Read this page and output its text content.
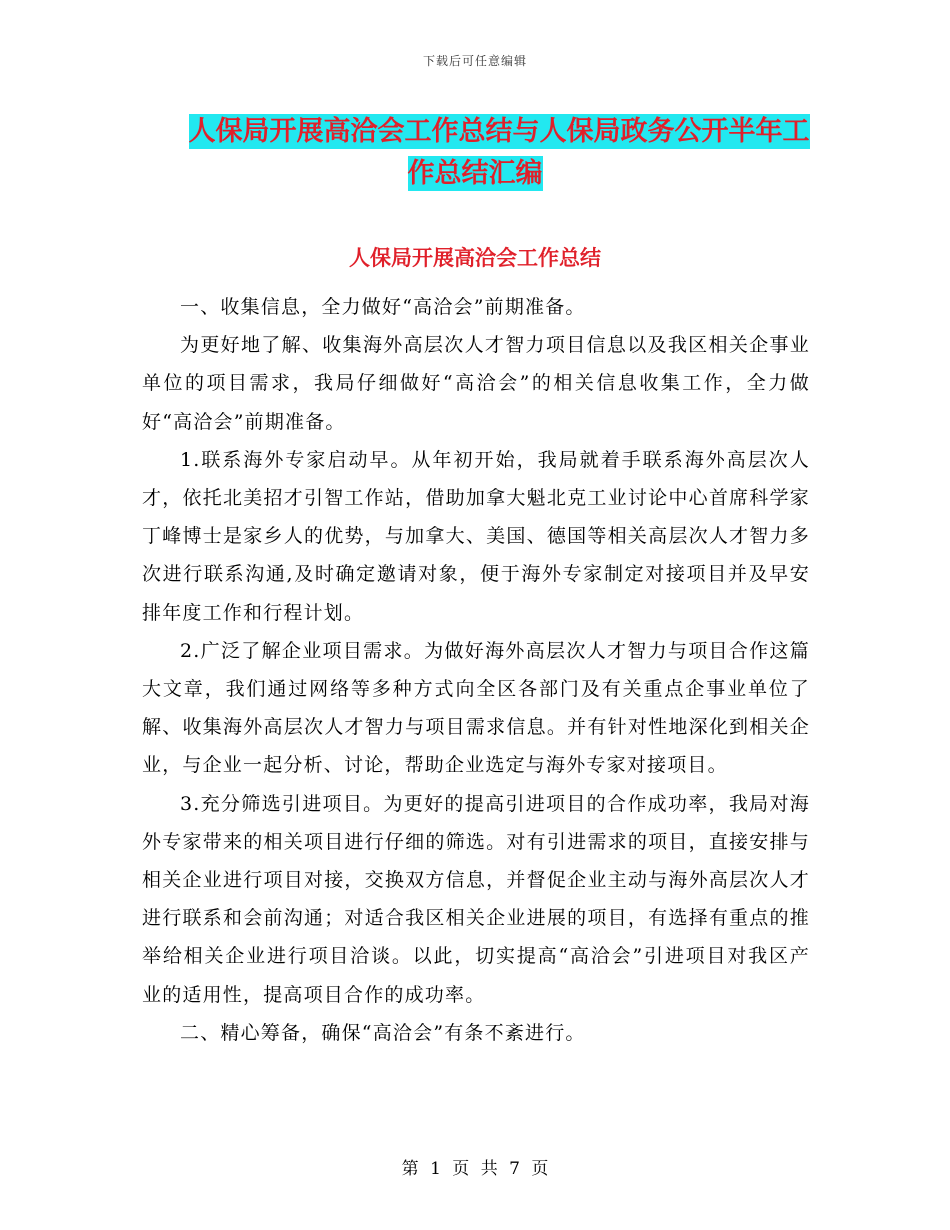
下载后可任意编辑
人保局开展高洽会工作总结与人保局政务公开半年工
作总结汇编
人保局开展高洽会工作总结

一、收集信息，全力做好“高洽会”前期准备。

为更好地了解、收集海外高层次人才智力项目信息以及我区相关企事业单位的项目需求，我局仔细做好“高洽会”的相关信息收集工作，全力做好“高洽会”前期准备。

1.联系海外专家启动早。从年初开始，我局就着手联系海外高层次人才，依托北美招才引智工作站，借助加拿大魁北克工业讨论中心首席科学家丁峰博士是家乡人的优势，与加拿大、美国、德国等相关高层次人才智力多次进行联系沟通,及时确定邀请对象，便于海外专家制定对接项目并及早安排年度工作和行程计划。

2.广泛了解企业项目需求。为做好海外高层次人才智力与项目合作这篇大文章，我们通过网络等多种方式向全区各部门及有关重点企事业单位了解、收集海外高层次人才智力与项目需求信息。并有针对性地深化到相关企业，与企业一起分析、讨论，帮助企业选定与海外专家对接项目。

3.充分筛选引进项目。为更好的提高引进项目的合作成功率，我局对海外专家带来的相关项目进行仔细的筛选。对有引进需求的项目，直接安排与相关企业进行项目对接，交换双方信息，并督促企业主动与海外高层次人才进行联系和会前沟通；对适合我区相关企业进展的项目，有选择有重点的推举给相关企业进行项目洽谈。以此，切实提高“高洽会”引进项目对我区产业的适用性，提高项目合作的成功率。

二、精心筹备，确保“高洽会”有条不紊进行。

第 1 页 共 7 页
